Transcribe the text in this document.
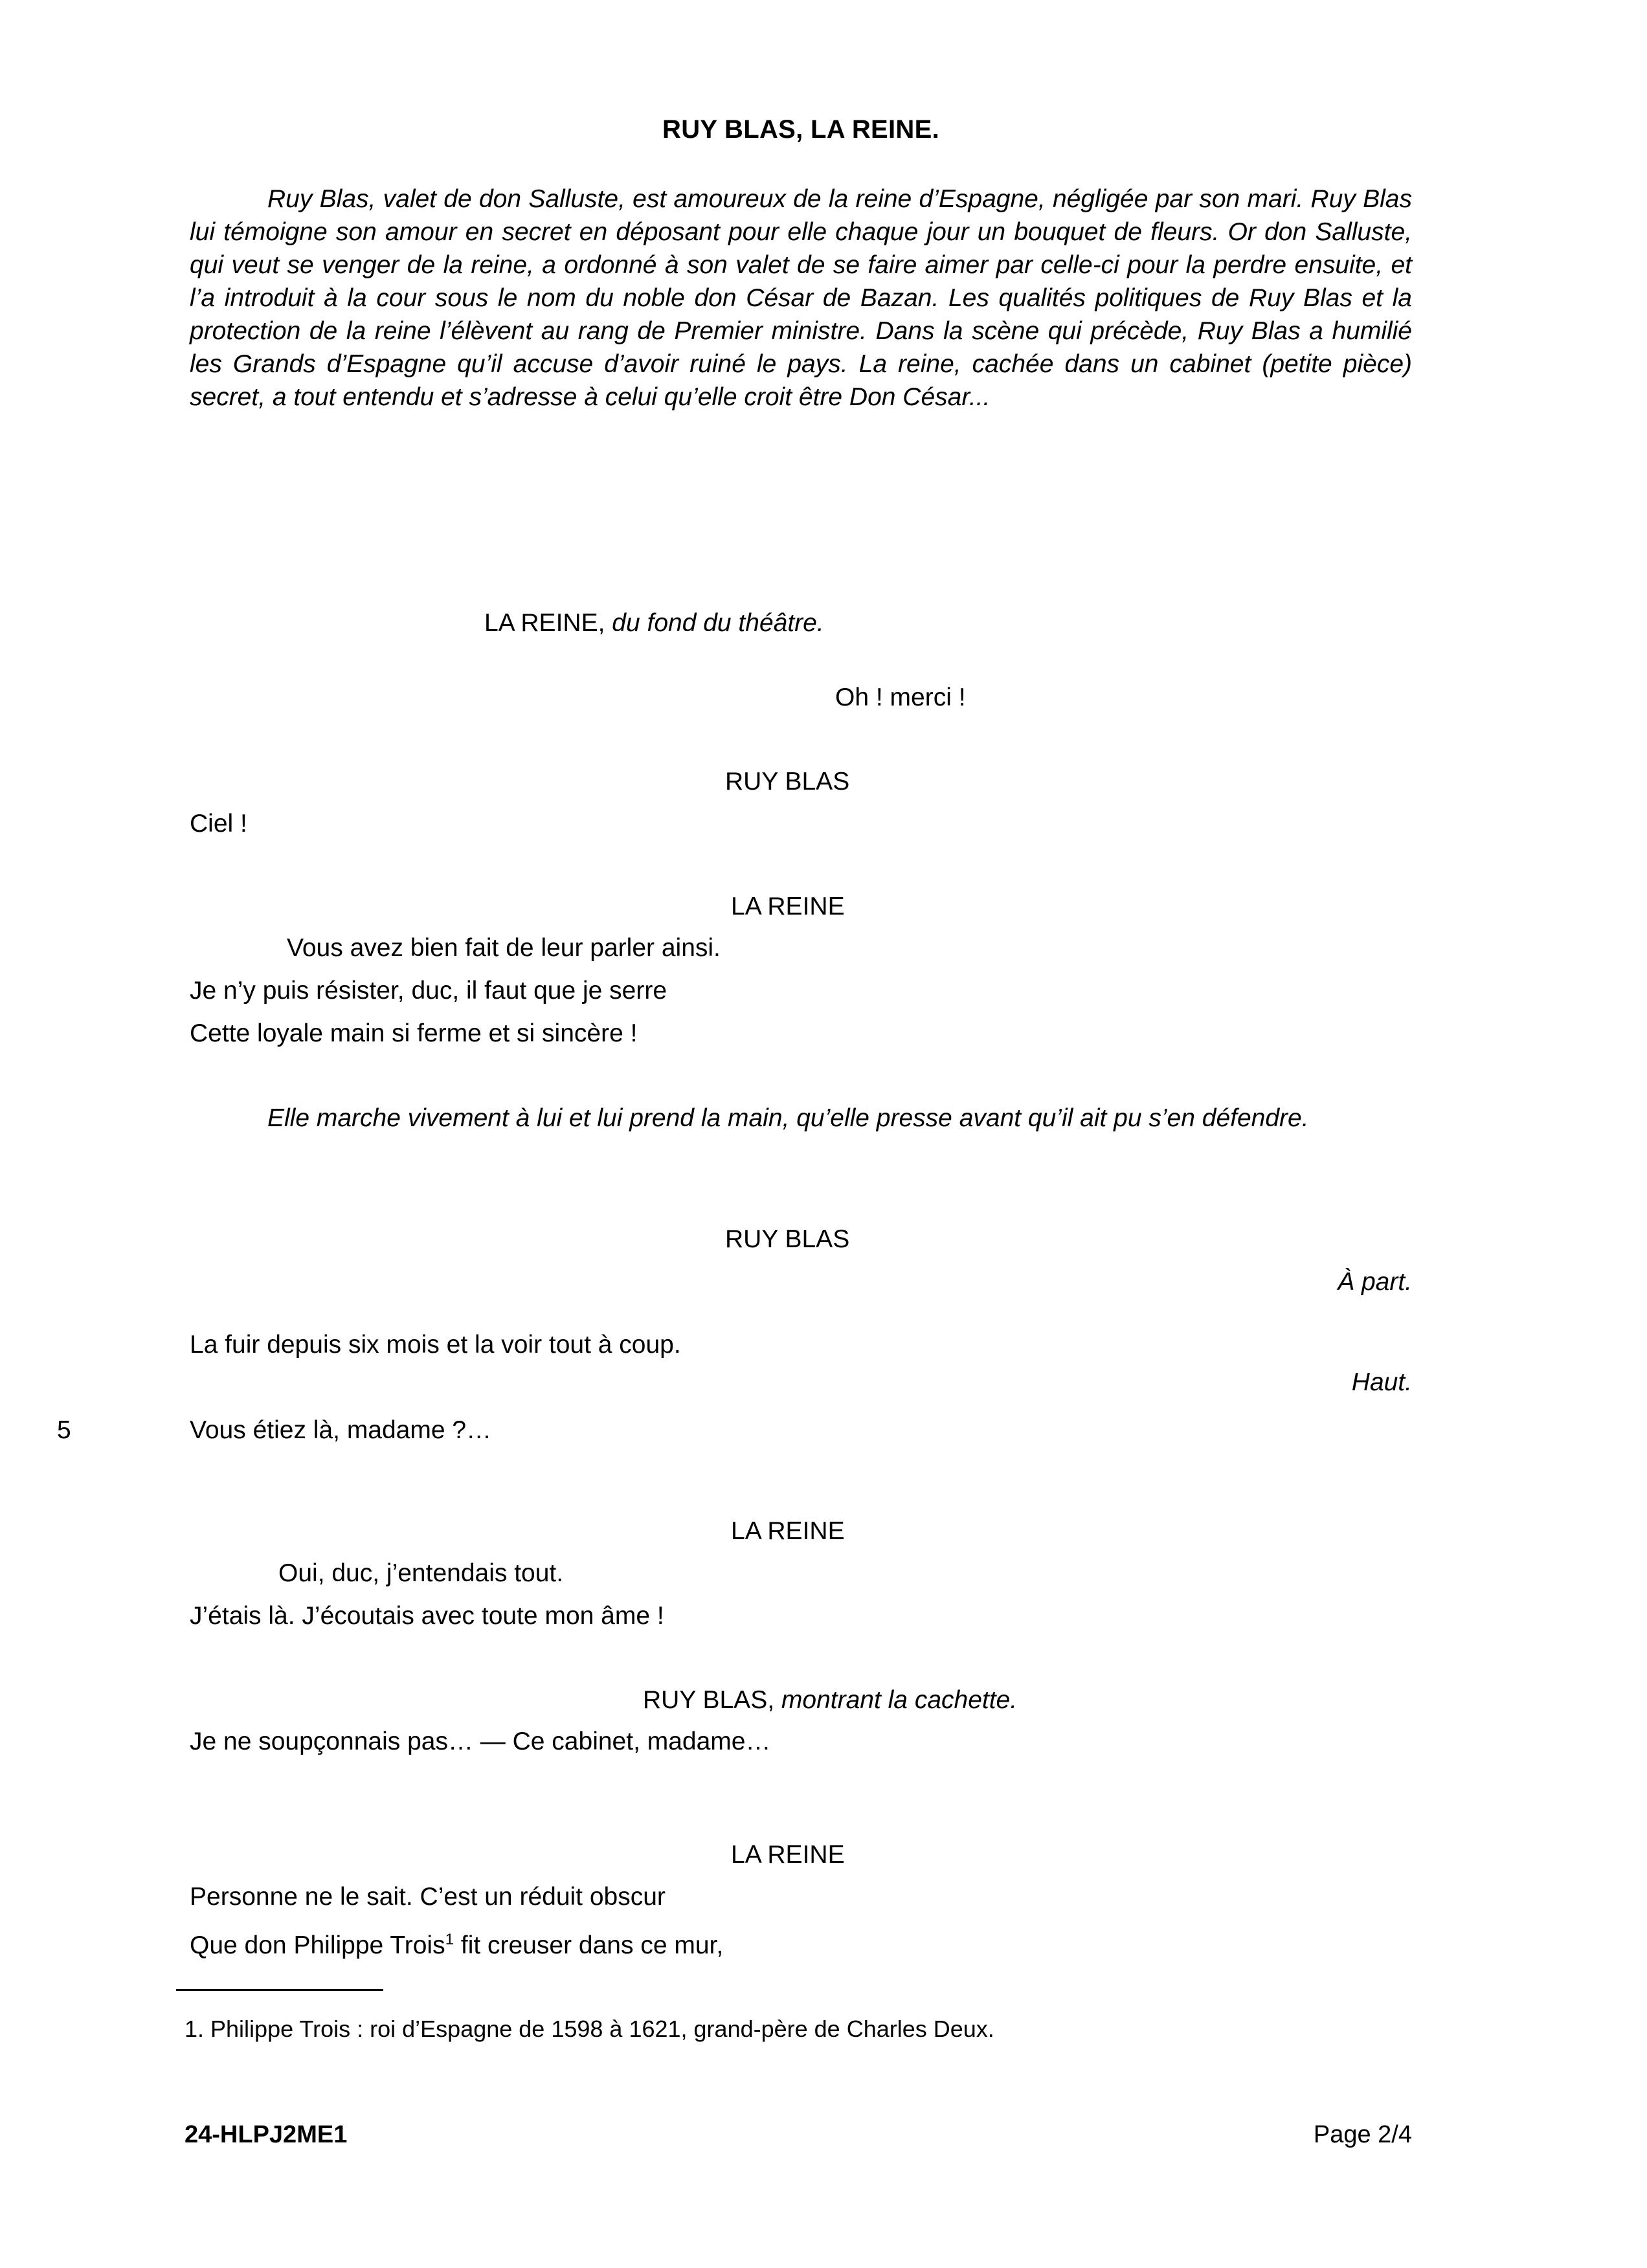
RUY BLAS, LA REINE.
Ruy Blas, valet de don Salluste, est amoureux de la reine d’Espagne, négligée par son mari. Ruy Blas lui témoigne son amour en secret en déposant pour elle chaque jour un bouquet de fleurs. Or don Salluste, qui veut se venger de la reine, a ordonné à son valet de se faire aimer par celle-ci pour la perdre ensuite, et l’a introduit à la cour sous le nom du noble don César de Bazan. Les qualités politiques de Ruy Blas et la protection de la reine l’élèvent au rang de Premier ministre. Dans la scène qui précède, Ruy Blas a humilié les Grands d’Espagne qu’il accuse d’avoir ruiné le pays. La reine, cachée dans un cabinet (petite pièce) secret, a tout entendu et s’adresse à celui qu’elle croit être Don César...
LA REINE, du fond du théâtre.
Oh ! merci !
RUY BLAS
Ciel !
LA REINE
Vous avez bien fait de leur parler ainsi.
Je n’y puis résister, duc, il faut que je serre
Cette loyale main si ferme et si sincère !
Elle marche vivement à lui et lui prend la main, qu’elle presse avant qu’il ait pu s’en défendre.
RUY BLAS
À part.
La fuir depuis six mois et la voir tout à coup.
Haut.
5	Vous étiez là, madame ?…
LA REINE
Oui, duc, j’entendais tout.
J’étais là. J’écoutais avec toute mon âme !
RUY BLAS, montrant la cachette.
Je ne soupçonnais pas… — Ce cabinet, madame…
LA REINE
Personne ne le sait. C’est un réduit obscur
Que don Philippe Trois$^1$ fit creuser dans ce mur,
1. Philippe Trois : roi d’Espagne de 1598 à 1621, grand-père de Charles Deux.
24-HLPJ2ME1	Page 2/4
